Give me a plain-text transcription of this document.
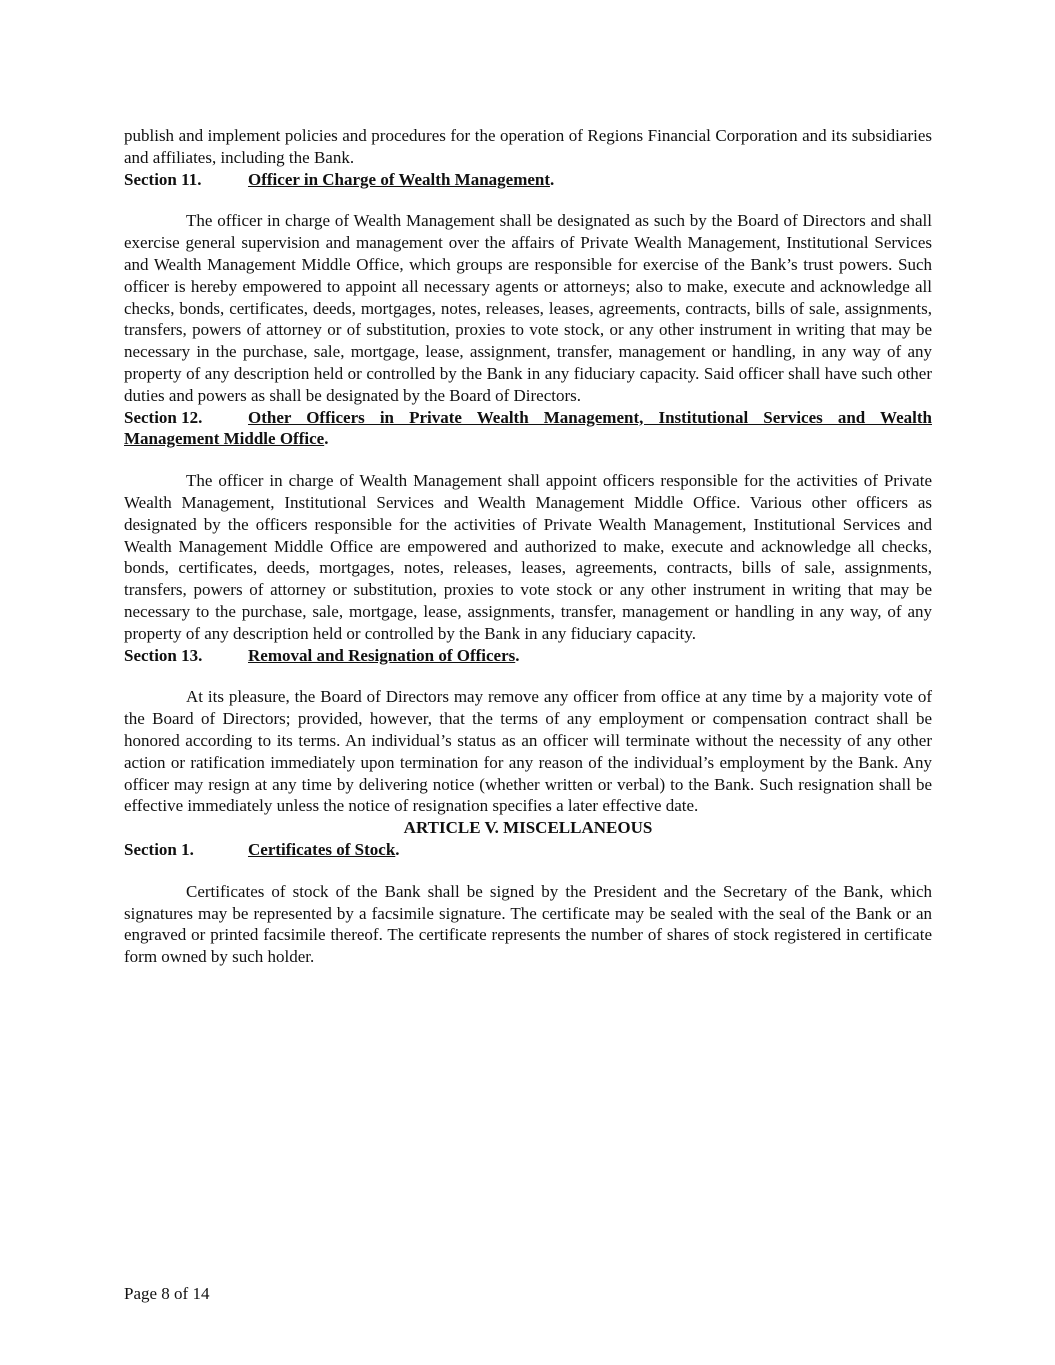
publish and implement policies and procedures for the operation of Regions Financial Corporation and its subsidiaries and affiliates, including the Bank.

Section 11.	Officer in Charge of Wealth Management.

The officer in charge of Wealth Management shall be designated as such by the Board of Directors and shall exercise general supervision and management over the affairs of Private Wealth Management, Institutional Services and Wealth Management Middle Office, which groups are responsible for exercise of the Bank’s trust powers. Such officer is hereby empowered to appoint all necessary agents or attorneys; also to make, execute and acknowledge all checks, bonds, certificates, deeds, mortgages, notes, releases, leases, agreements, contracts, bills of sale, assignments, transfers, powers of attorney or of substitution, proxies to vote stock, or any other instrument in writing that may be necessary in the purchase, sale, mortgage, lease, assignment, transfer, management or handling, in any way of any property of any description held or controlled by the Bank in any fiduciary capacity. Said officer shall have such other duties and powers as shall be designated by the Board of Directors.

Section 12.	Other Officers in Private Wealth Management, Institutional Services and Wealth Management Middle Office.

The officer in charge of Wealth Management shall appoint officers responsible for the activities of Private Wealth Management, Institutional Services and Wealth Management Middle Office. Various other officers as designated by the officers responsible for the activities of Private Wealth Management, Institutional Services and Wealth Management Middle Office are empowered and authorized to make, execute and acknowledge all checks, bonds, certificates, deeds, mortgages, notes, releases, leases, agreements, contracts, bills of sale, assignments, transfers, powers of attorney or substitution, proxies to vote stock or any other instrument in writing that may be necessary to the purchase, sale, mortgage, lease, assignments, transfer, management or handling in any way, of any property of any description held or controlled by the Bank in any fiduciary capacity.

Section 13.	Removal and Resignation of Officers.

At its pleasure, the Board of Directors may remove any officer from office at any time by a majority vote of the Board of Directors; provided, however, that the terms of any employment or compensation contract shall be honored according to its terms. An individual’s status as an officer will terminate without the necessity of any other action or ratification immediately upon termination for any reason of the individual’s employment by the Bank. Any officer may resign at any time by delivering notice (whether written or verbal) to the Bank. Such resignation shall be effective immediately unless the notice of resignation specifies a later effective date.

ARTICLE V. MISCELLANEOUS
Section 1.	Certificates of Stock.

Certificates of stock of the Bank shall be signed by the President and the Secretary of the Bank, which signatures may be represented by a facsimile signature. The certificate may be sealed with the seal of the Bank or an engraved or printed facsimile thereof. The certificate represents the number of shares of stock registered in certificate form owned by such holder.

Page 8 of 14
